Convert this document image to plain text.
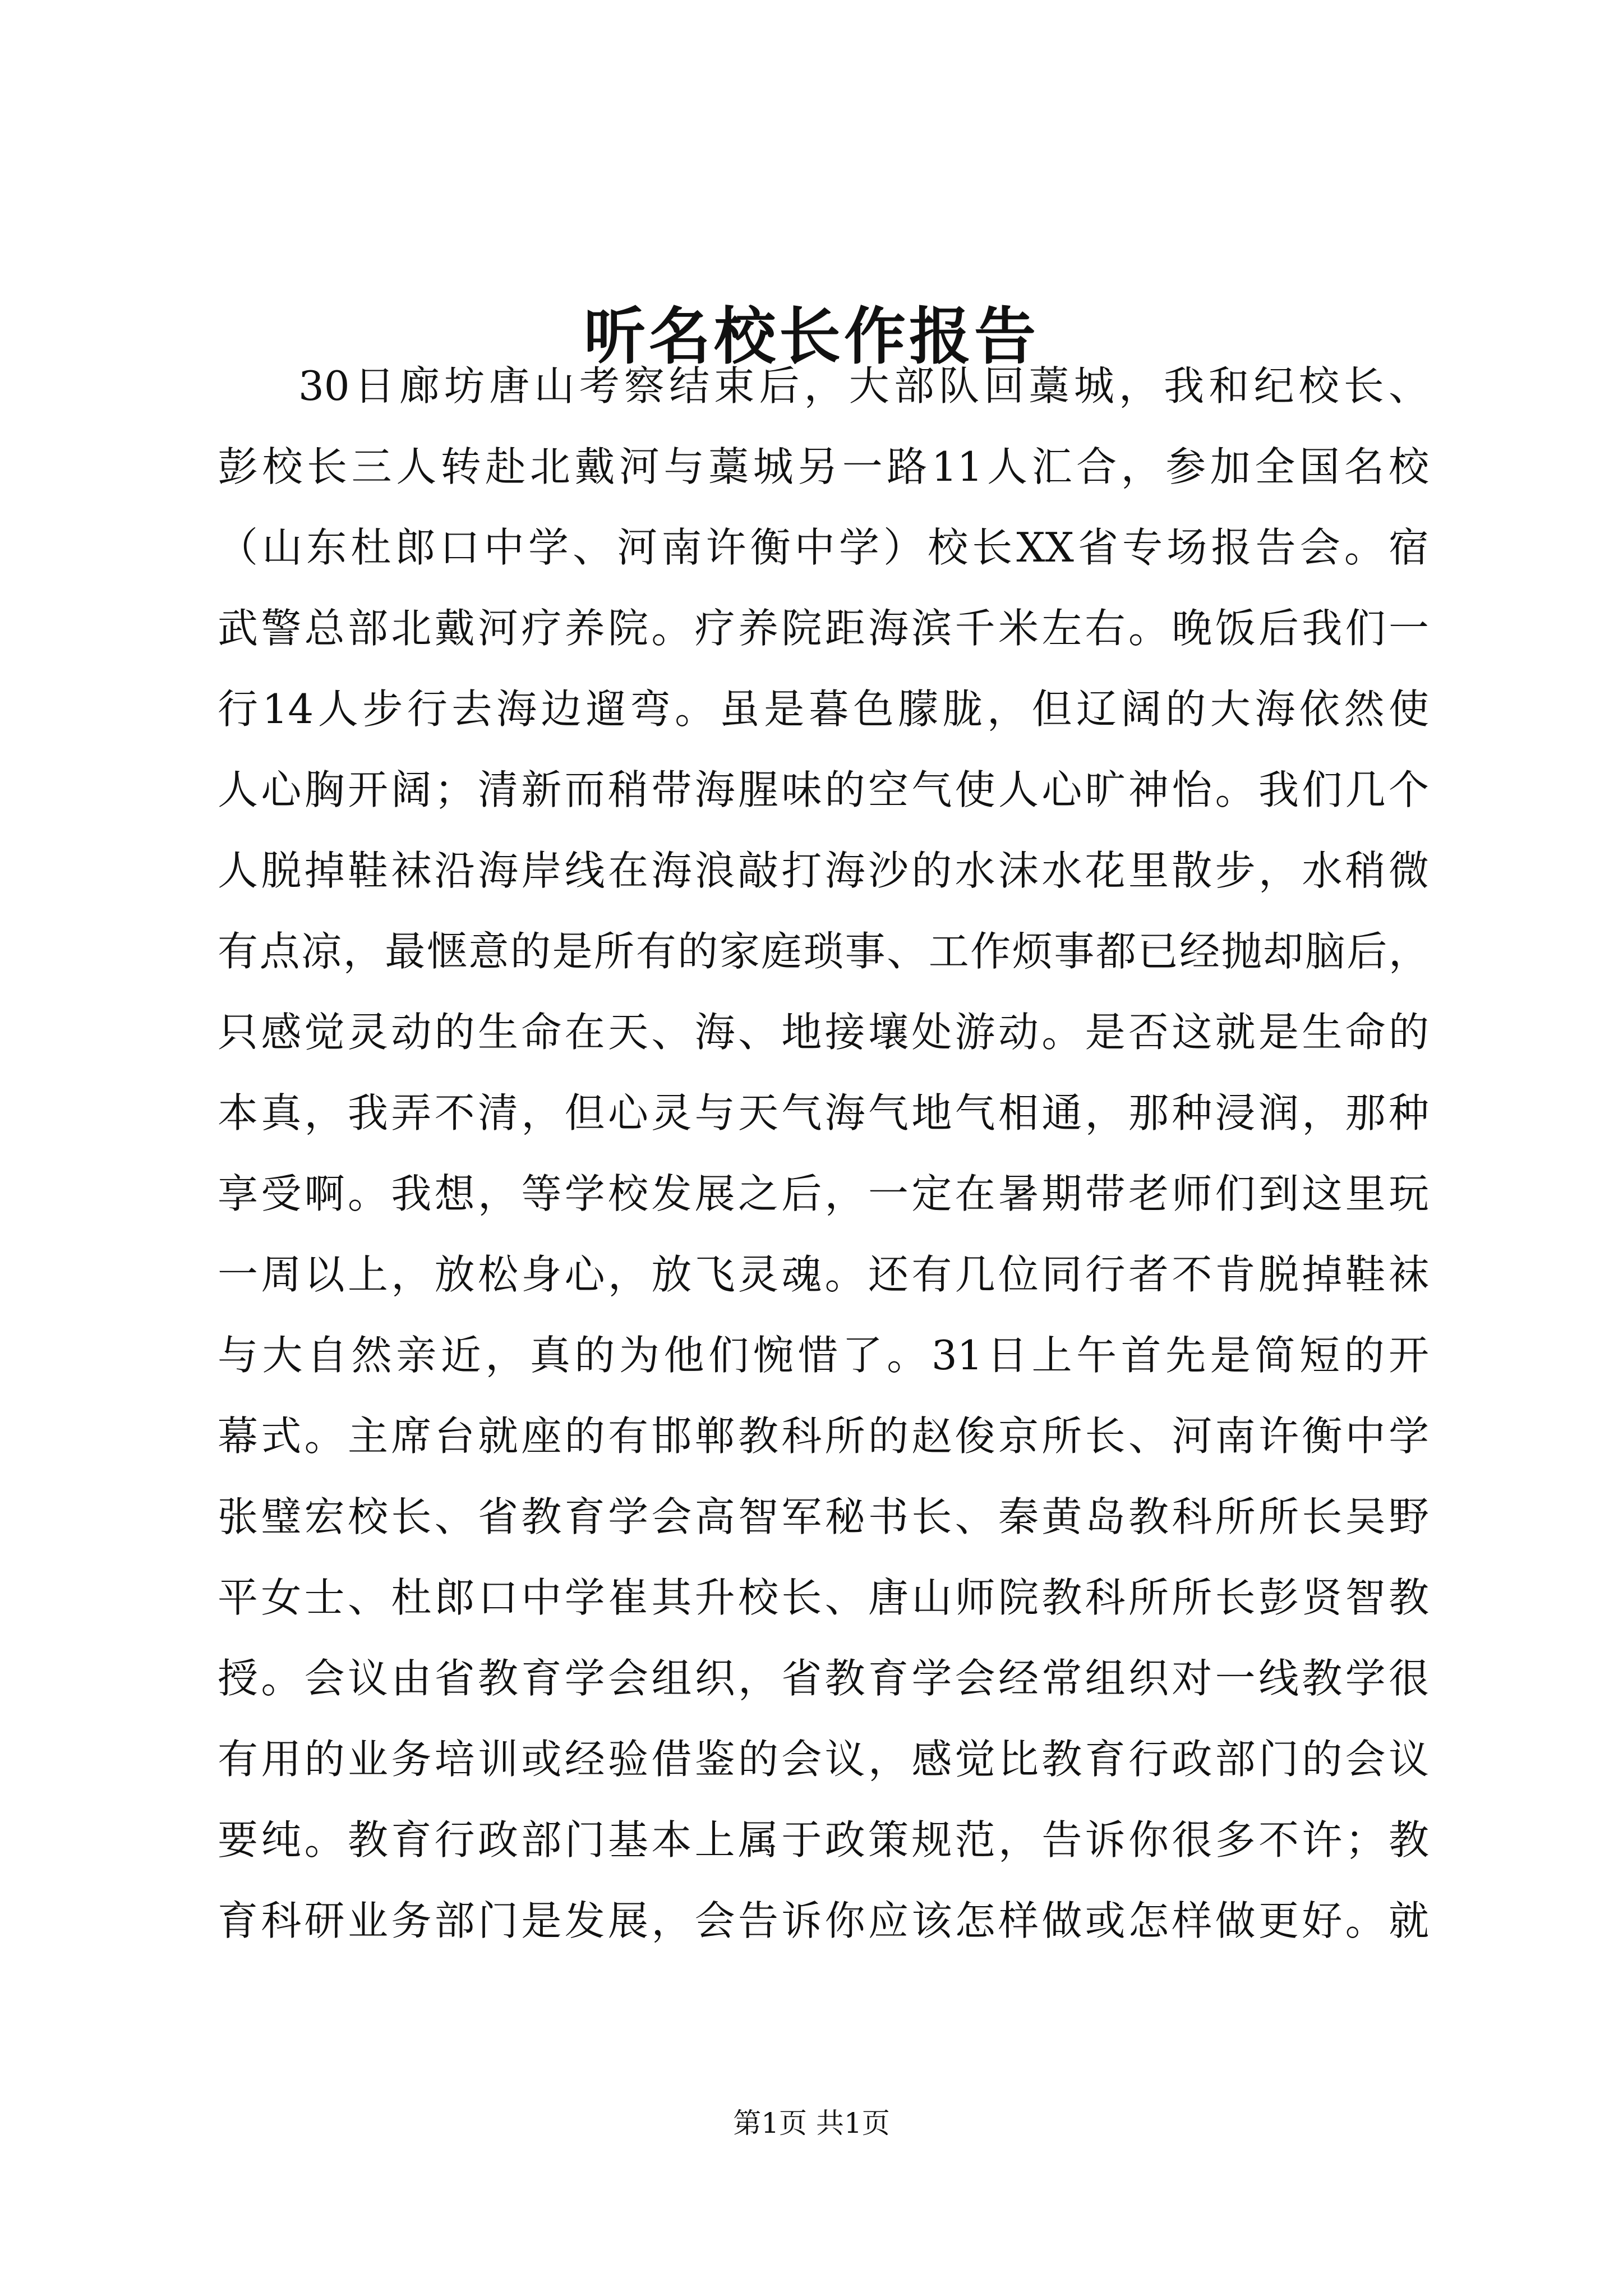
听名校长作报告
30日廊坊唐山考察结束后，大部队回藁城，我和纪校长、
彭校长三人转赴北戴河与藁城另一路11人汇合，参加全国名校
（山东杜郎口中学、河南许衡中学）校长XX省专场报告会。宿
武警总部北戴河疗养院。疗养院距海滨千米左右。晚饭后我们一
行14人步行去海边遛弯。虽是暮色朦胧，但辽阔的大海依然使
人心胸开阔；清新而稍带海腥味的空气使人心旷神怡。我们几个
人脱掉鞋袜沿海岸线在海浪敲打海沙的水沫水花里散步，水稍微
有点凉，最惬意的是所有的家庭琐事、工作烦事都已经抛却脑后，
只感觉灵动的生命在天、海、地接壤处游动。是否这就是生命的
本真，我弄不清，但心灵与天气海气地气相通，那种浸润，那种
享受啊。我想，等学校发展之后，一定在暑期带老师们到这里玩
一周以上，放松身心，放飞灵魂。还有几位同行者不肯脱掉鞋袜
与大自然亲近，真的为他们惋惜了。31日上午首先是简短的开
幕式。主席台就座的有邯郸教科所的赵俊京所长、河南许衡中学
张璧宏校长、省教育学会高智军秘书长、秦黄岛教科所所长吴野
平女士、杜郎口中学崔其升校长、唐山师院教科所所长彭贤智教
授。会议由省教育学会组织，省教育学会经常组织对一线教学很
有用的业务培训或经验借鉴的会议，感觉比教育行政部门的会议
要纯。教育行政部门基本上属于政策规范，告诉你很多不许；教
育科研业务部门是发展，会告诉你应该怎样做或怎样做更好。就
第1页 共1页
